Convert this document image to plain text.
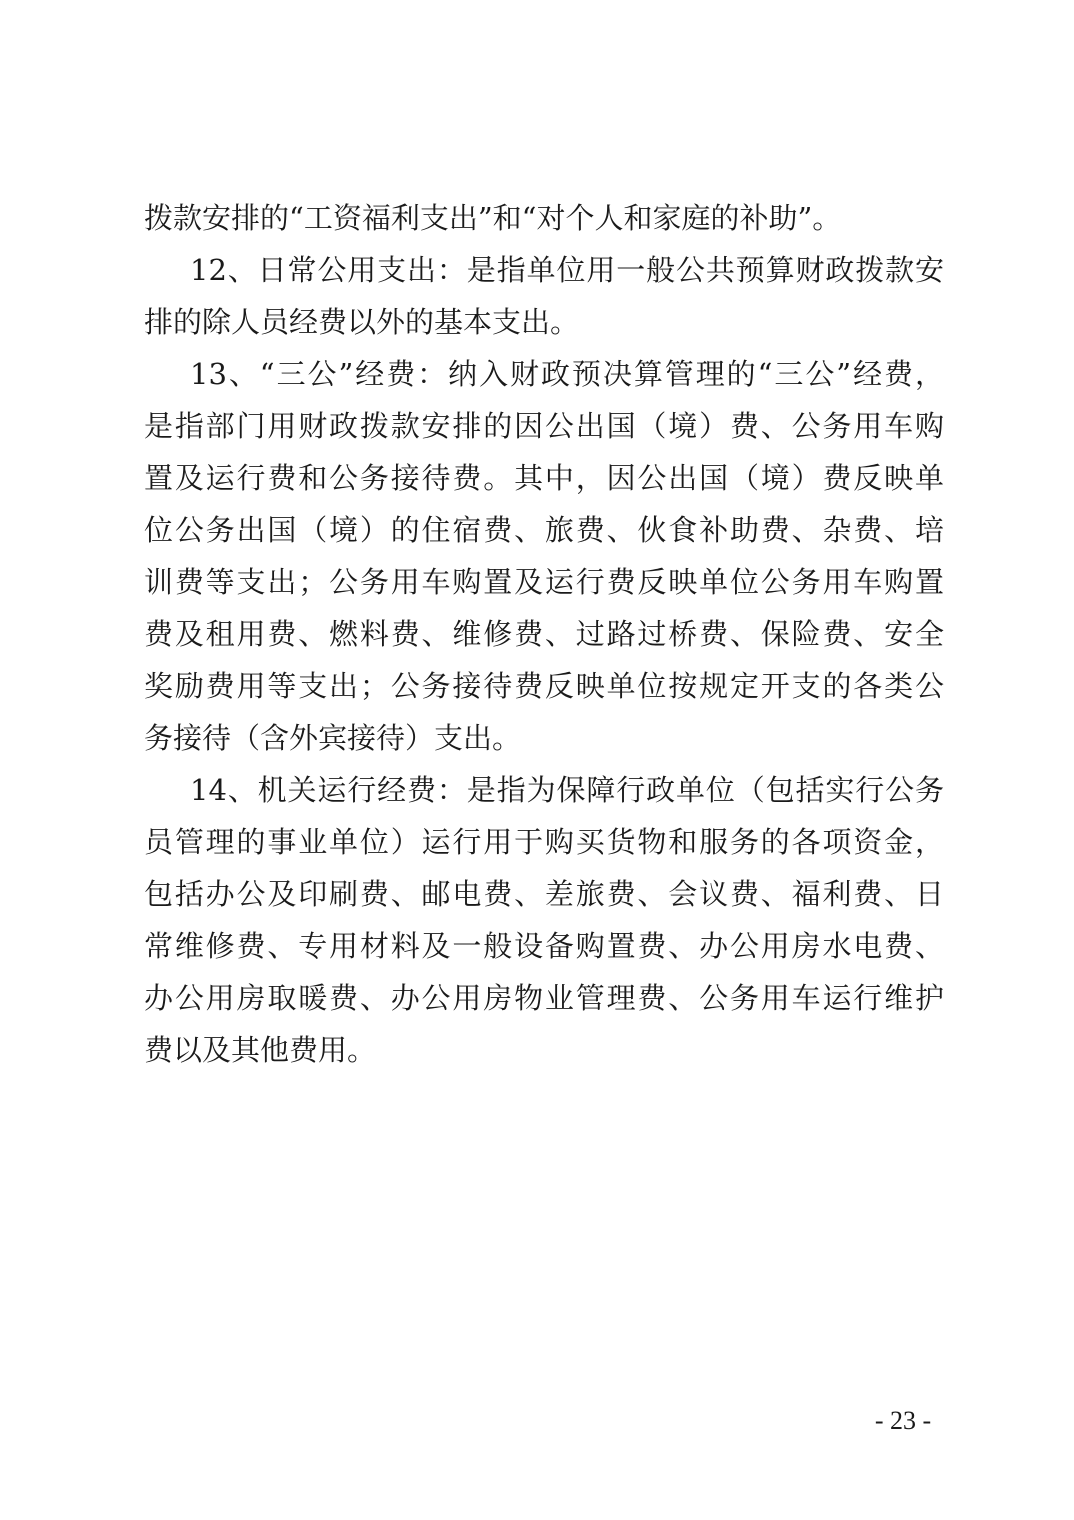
拨款安排的“工资福利支出”和“对个人和家庭的补助”。
12、日常公用支出：是指单位用一般公共预算财政拨款安
排的除人员经费以外的基本支出。
13、“三公”经费：纳入财政预决算管理的“三公”经费，
是指部门用财政拨款安排的因公出国（境）费、公务用车购
置及运行费和公务接待费。其中，因公出国（境）费反映单
位公务出国（境）的住宿费、旅费、伙食补助费、杂费、培
训费等支出；公务用车购置及运行费反映单位公务用车购置
费及租用费、燃料费、维修费、过路过桥费、保险费、安全
奖励费用等支出；公务接待费反映单位按规定开支的各类公
务接待（含外宾接待）支出。
14、机关运行经费：是指为保障行政单位（包括实行公务
员管理的事业单位）运行用于购买货物和服务的各项资金，
包括办公及印刷费、邮电费、差旅费、会议费、福利费、日
常维修费、专用材料及一般设备购置费、办公用房水电费、
办公用房取暖费、办公用房物业管理费、公务用车运行维护
费以及其他费用。
- 23 -
